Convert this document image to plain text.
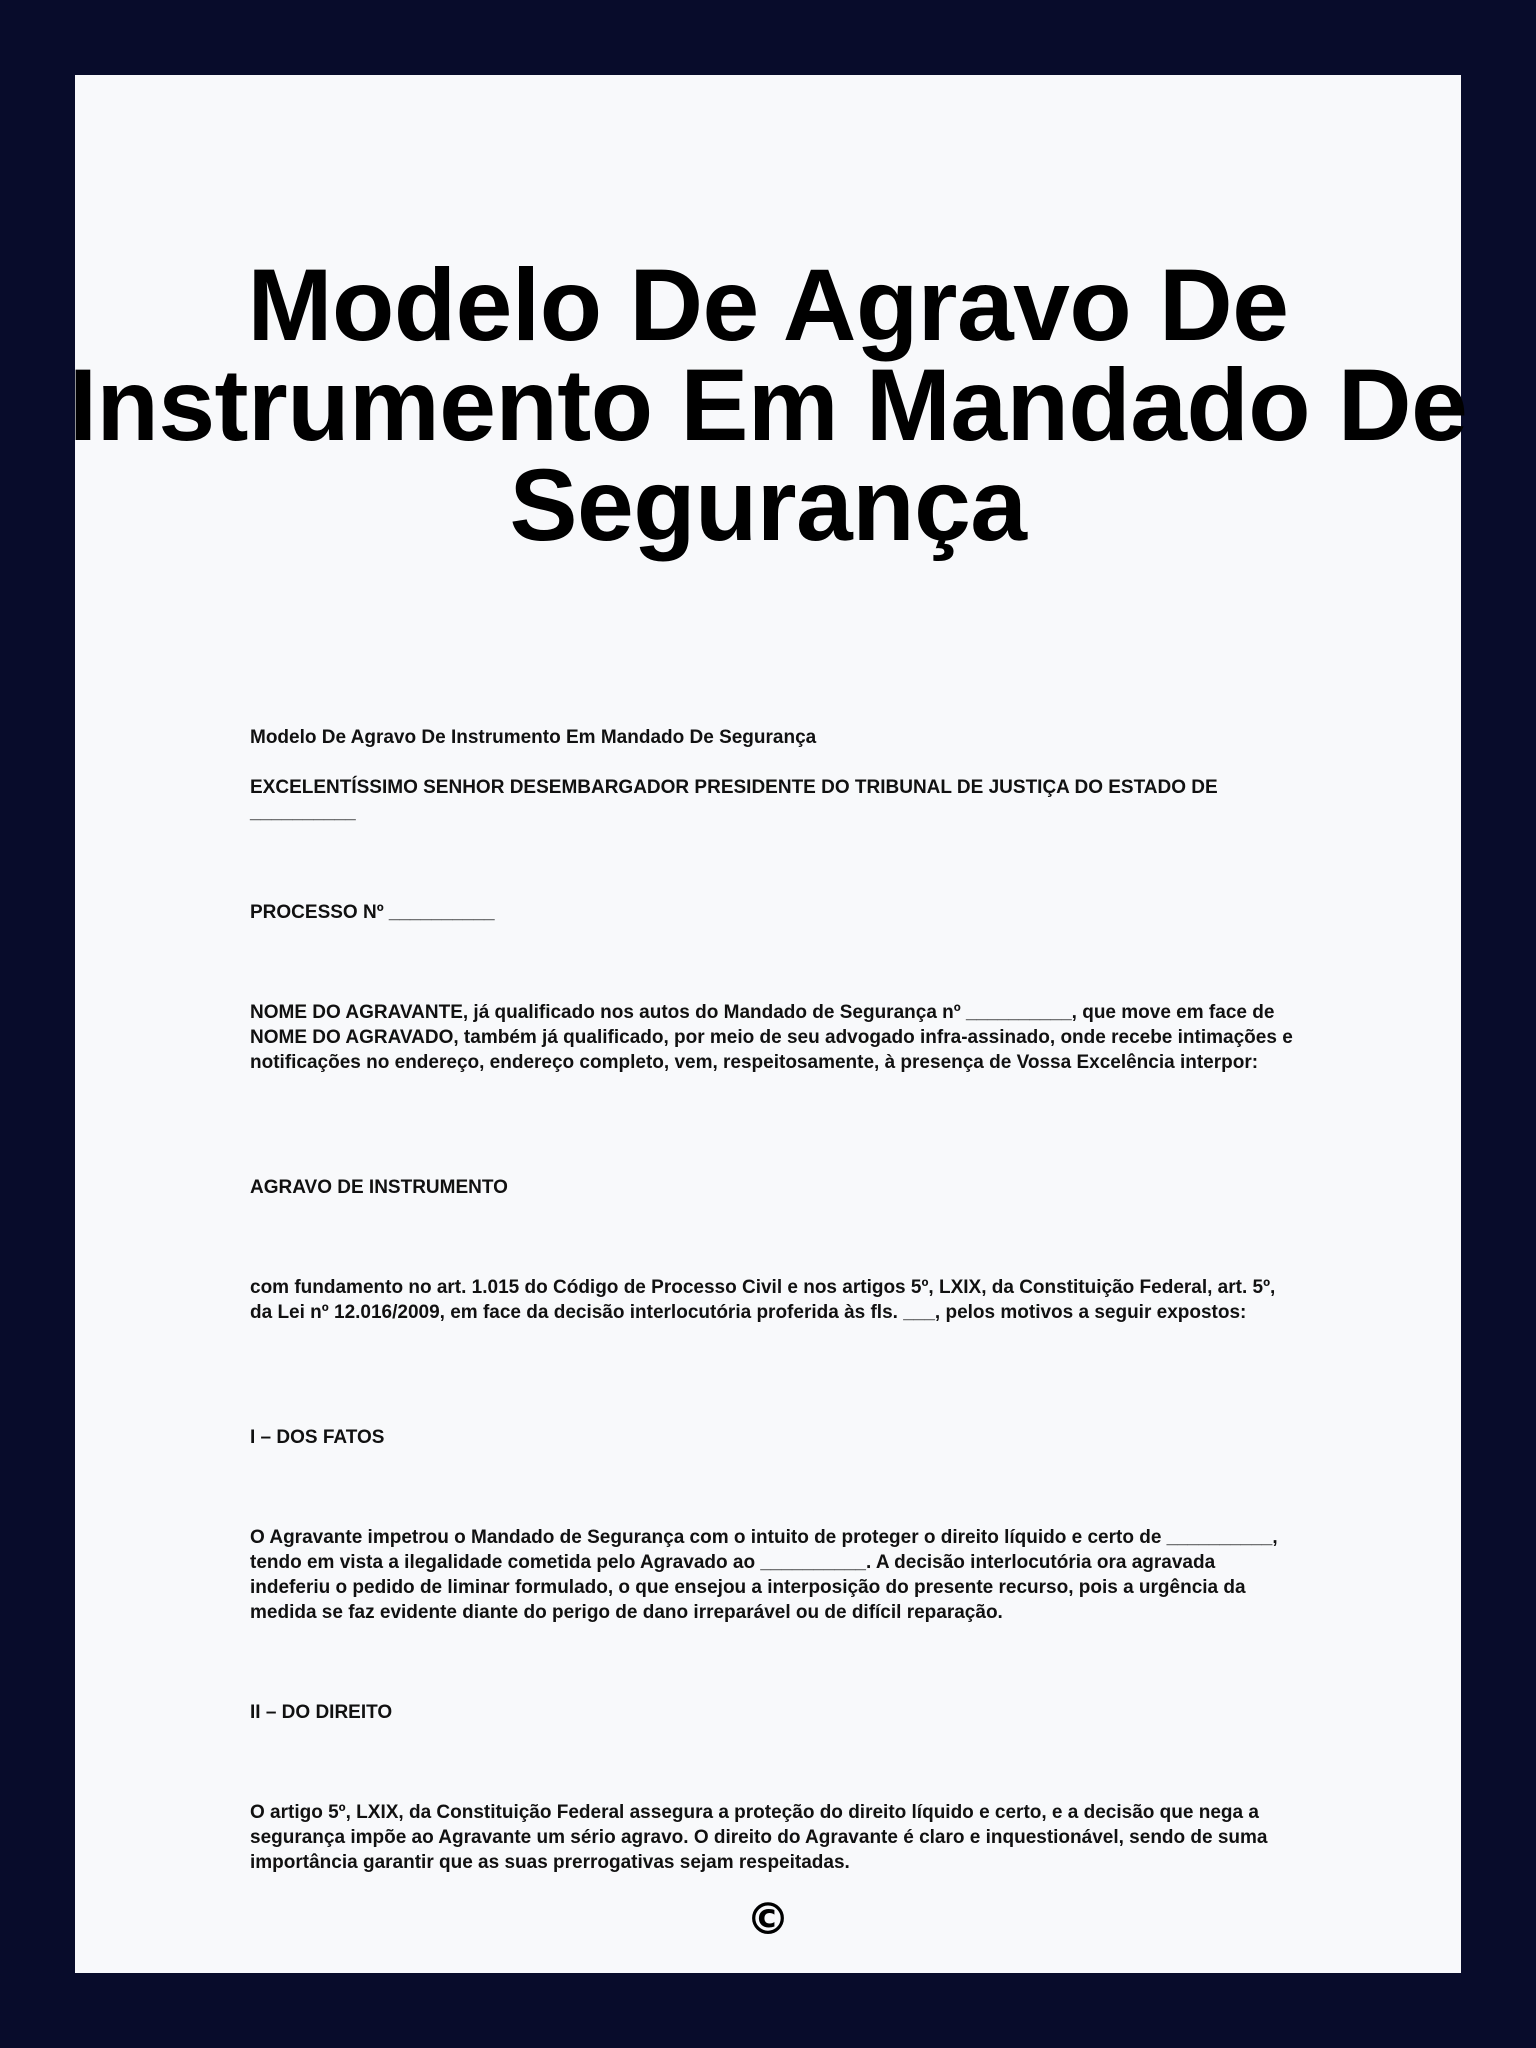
Modelo De Agravo De Instrumento Em Mandado De Segurança

Modelo De Agravo De Instrumento Em Mandado De Segurança

EXCELENTÍSSIMO SENHOR DESEMBARGADOR PRESIDENTE DO TRIBUNAL DE JUSTIÇA DO ESTADO DE __________

PROCESSO Nº __________

NOME DO AGRAVANTE, já qualificado nos autos do Mandado de Segurança nº __________, que move em face de NOME DO AGRAVADO, também já qualificado, por meio de seu advogado infra-assinado, onde recebe intimações e notificações no endereço, endereço completo, vem, respeitosamente, à presença de Vossa Excelência interpor:

AGRAVO DE INSTRUMENTO

com fundamento no art. 1.015 do Código de Processo Civil e nos artigos 5º, LXIX, da Constituição Federal, art. 5º, da Lei nº 12.016/2009, em face da decisão interlocutória proferida às fls. ___, pelos motivos a seguir expostos:

I – DOS FATOS

O Agravante impetrou o Mandado de Segurança com o intuito de proteger o direito líquido e certo de __________, tendo em vista a ilegalidade cometida pelo Agravado ao __________. A decisão interlocutória ora agravada indeferiu o pedido de liminar formulado, o que ensejou a interposição do presente recurso, pois a urgência da medida se faz evidente diante do perigo de dano irreparável ou de difícil reparação.

II – DO DIREITO

O artigo 5º, LXIX, da Constituição Federal assegura a proteção do direito líquido e certo, e a decisão que nega a segurança impõe ao Agravante um sério agravo. O direito do Agravante é claro e inquestionável, sendo de suma importância garantir que as suas prerrogativas sejam respeitadas.

©
